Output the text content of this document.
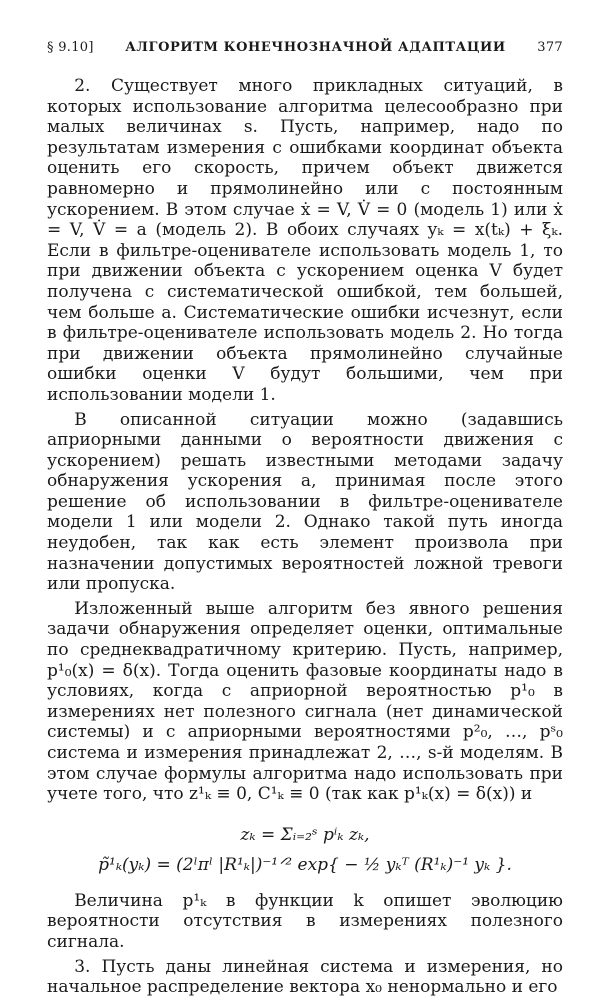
§ 9.10] АЛГОРИТМ КОНЕЧНОЗНАЧНОЙ АДАПТАЦИИ 377

2. Существует много прикладных ситуаций, в которых использование алгоритма целесообразно при малых величинах s. Пусть, например, надо по результатам измерения с ошибками координат объекта оценить его скорость, причем объект движется равномерно и прямолинейно или с постоянным ускорением. В этом случае ẋ = V, V̇ = 0 (модель 1) или ẋ = V, V̇ = a (модель 2). В обоих случаях yₖ = x(tₖ) + ξₖ. Если в фильтре-оценивателе использовать модель 1, то при движении объекта с ускорением оценка V будет получена с систематической ошибкой, тем большей, чем больше a. Систематические ошибки исчезнут, если в фильтре-оценивателе использовать модель 2. Но тогда при движении объекта прямолинейно случайные ошибки оценки V будут большими, чем при использовании модели 1.

В описанной ситуации можно (задавшись априорными данными о вероятности движения с ускорением) решать известными методами задачу обнаружения ускорения a, принимая после этого решение об использовании в фильтре-оценивателе модели 1 или модели 2. Однако такой путь иногда неудобен, так как есть элемент произвола при назначении допустимых вероятностей ложной тревоги или пропуска.

Изложенный выше алгоритм без явного решения задачи обнаружения определяет оценки, оптимальные по среднеквадратичному критерию. Пусть, например, p¹₀(x) = δ(x). Тогда оценить фазовые координаты надо в условиях, когда с априорной вероятностью p¹₀ в измерениях нет полезного сигнала (нет динамической системы) и с априорными вероятностями p²₀, …, pˢ₀ система и измерения принадлежат 2, …, s-й моделям. В этом случае формулы алгоритма надо использовать при учете того, что z¹ₖ ≡ 0, C¹ₖ ≡ 0 (так как p¹ₖ(x) = δ(x)) и

zₖ = Σᵢ₌₂ˢ pⁱₖ zₖ,
p̃¹ₖ(yₖ) = (2ˡπˡ |R¹ₖ|)⁻¹ᐟ² exp{ − ½ yₖᵀ (R¹ₖ)⁻¹ yₖ }.

Величина p¹ₖ в функции k опишет эволюцию вероятности отсутствия в измерениях полезного сигнала.

3. Пусть даны линейная система и измерения, но начальное распределение вектора x₀ ненормально и его
